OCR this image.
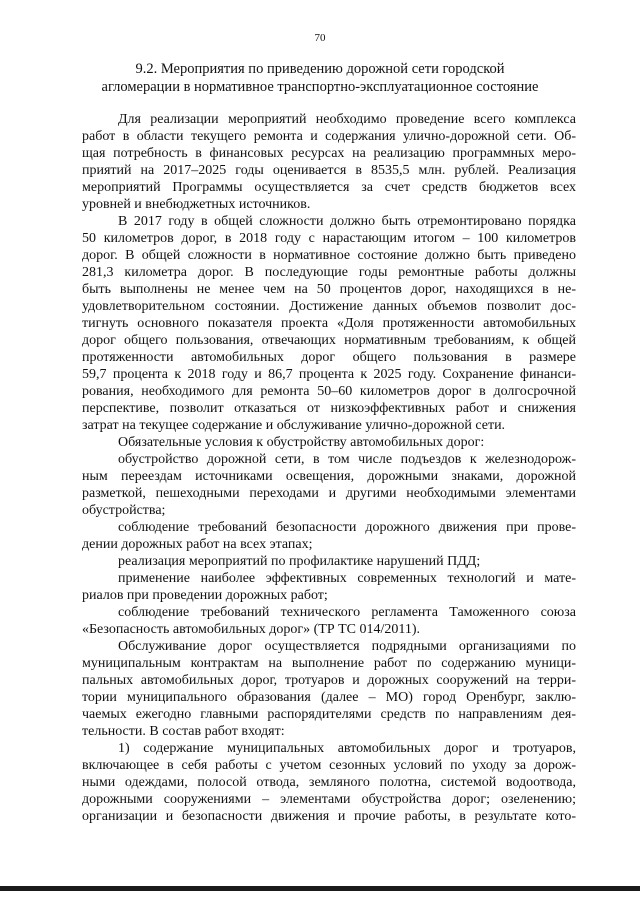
70
9.2. Мероприятия по приведению дорожной сети городской
агломерации в нормативное транспортно-эксплуатационное состояние
Для реализации мероприятий необходимо проведение всего комплекса
работ в области текущего ремонта и содержания улично-дорожной сети. Об-
щая потребность в финансовых ресурсах на реализацию программных меро-
приятий на 2017–2025 годы оценивается в 8535,5 млн. рублей. Реализация
мероприятий Программы осуществляется за счет средств бюджетов всех
уровней и внебюджетных источников.
В 2017 году в общей сложности должно быть отремонтировано порядка
50 километров дорог, в 2018 году с нарастающим итогом – 100 километров
дорог. В общей сложности в нормативное состояние должно быть приведено
281,3 километра дорог. В последующие годы ремонтные работы должны
быть выполнены не менее чем на 50 процентов дорог, находящихся в не-
удовлетворительном состоянии. Достижение данных объемов позволит дос-
тигнуть основного показателя проекта «Доля протяженности автомобильных
дорог общего пользования, отвечающих нормативным требованиям, к общей
протяженности автомобильных дорог общего пользования в размере
59,7 процента к 2018 году и 86,7 процента к 2025 году. Сохранение финанси-
рования, необходимого для ремонта 50–60 километров дорог в долгосрочной
перспективе, позволит отказаться от низкоэффективных работ и снижения
затрат на текущее содержание и обслуживание улично-дорожной сети.
Обязательные условия к обустройству автомобильных дорог:
обустройство дорожной сети, в том числе подъездов к железнодорож-
ным переездам источниками освещения, дорожными знаками, дорожной
разметкой, пешеходными переходами и другими необходимыми элементами
обустройства;
соблюдение требований безопасности дорожного движения при прове-
дении дорожных работ на всех этапах;
реализация мероприятий по профилактике нарушений ПДД;
применение наиболее эффективных современных технологий и мате-
риалов при проведении дорожных работ;
соблюдение требований технического регламента Таможенного союза
«Безопасность автомобильных дорог» (ТР ТС 014/2011).
Обслуживание дорог осуществляется подрядными организациями по
муниципальным контрактам на выполнение работ по содержанию муници-
пальных автомобильных дорог, тротуаров и дорожных сооружений на терри-
тории муниципального образования (далее – МО) город Оренбург, заклю-
чаемых ежегодно главными распорядителями средств по направлениям дея-
тельности. В состав работ входят:
1) содержание муниципальных автомобильных дорог и тротуаров,
включающее в себя работы с учетом сезонных условий по уходу за дорож-
ными одеждами, полосой отвода, земляного полотна, системой водоотвода,
дорожными сооружениями – элементами обустройства дорог; озеленению;
организации и безопасности движения и прочие работы, в результате кото-
